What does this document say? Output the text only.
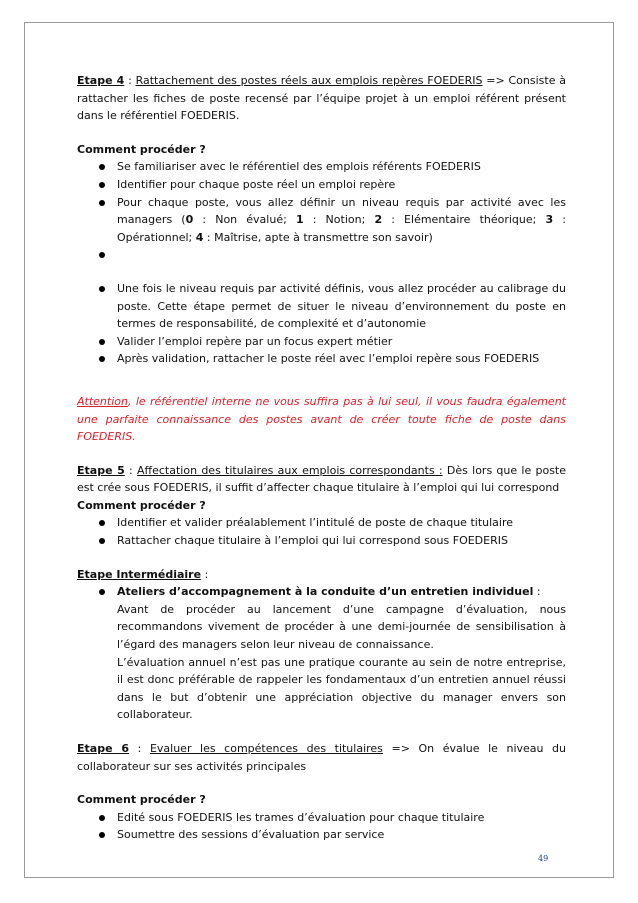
Etape 4 : Rattachement des postes réels aux emplois repères FOEDERIS => Consiste à rattacher les fiches de poste recensé par l’équipe projet à un emploi référent présent dans le référentiel FOEDERIS.

Comment procéder ?

Se familiariser avec le référentiel des emplois référents FOEDERIS
Identifier pour chaque poste réel un emploi repère
Pour chaque poste, vous allez définir un niveau requis par activité avec les managers (0 : Non évalué; 1 : Notion; 2 : Elémentaire théorique; 3 : Opérationnel; 4 : Maîtrise, apte à transmettre son savoir)
Une fois le niveau requis par activité définis, vous allez procéder au calibrage du poste. Cette étape permet de situer le niveau d’environnement du poste en termes de responsabilité, de complexité et d’autonomie
Valider l’emploi repère par un focus expert métier
Après validation, rattacher le poste réel avec l’emploi repère sous FOEDERIS

Attention, le référentiel interne ne vous suffira pas à lui seul, il vous faudra également une parfaite connaissance des postes avant de créer toute fiche de poste dans FOEDERIS.

Etape 5 : Affectation des titulaires aux emplois correspondants : Dès lors que le poste est crée sous FOEDERIS, il suffit d’affecter chaque titulaire à l’emploi qui lui correspond

Comment procéder ?

Identifier et valider préalablement l’intitulé de poste de chaque titulaire
Rattacher chaque titulaire à l’emploi qui lui correspond sous FOEDERIS

Etape Intermédiaire :

Ateliers d’accompagnement à la conduite d’un entretien individuel :
Avant de procéder au lancement d’une campagne d’évaluation, nous recommandons vivement de procéder à une demi-journée de sensibilisation à l’égard des managers selon leur niveau de connaissance.
L’évaluation annuel n’est pas une pratique courante au sein de notre entreprise, il est donc préférable de rappeler les fondamentaux d’un entretien annuel réussi dans le but d’obtenir une appréciation objective du manager envers son collaborateur.

Etape 6 : Evaluer les compétences des titulaires => On évalue le niveau du collaborateur sur ses activités principales

Comment procéder ?

Edité sous FOEDERIS les trames d’évaluation pour chaque titulaire
Soumettre des sessions d’évaluation par service
49
